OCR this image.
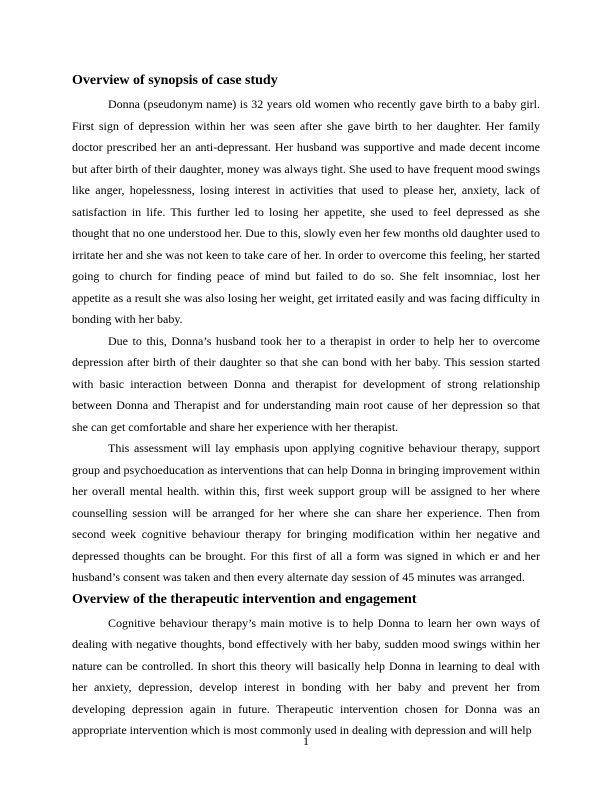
Overview of synopsis of case study

Donna (pseudonym name) is 32 years old women who recently gave birth to a baby girl. First sign of depression within her was seen after she gave birth to her daughter. Her family doctor prescribed her an anti-depressant. Her husband was supportive and made decent income but after birth of their daughter, money was always tight. She used to have frequent mood swings like anger, hopelessness, losing interest in activities that used to please her, anxiety, lack of satisfaction in life. This further led to losing her appetite, she used to feel depressed as she thought that no one understood her. Due to this, slowly even her few months old daughter used to irritate her and she was not keen to take care of her. In order to overcome this feeling, her started going to church for finding peace of mind but failed to do so. She felt insomniac, lost her appetite as a result she was also losing her weight, get irritated easily and was facing difficulty in bonding with her baby.

Due to this, Donna’s husband took her to a therapist in order to help her to overcome depression after birth of their daughter so that she can bond with her baby. This session started with basic interaction between Donna and therapist for development of strong relationship between Donna and Therapist and for understanding main root cause of her depression so that she can get comfortable and share her experience with her therapist.

This assessment will lay emphasis upon applying cognitive behaviour therapy, support group and psychoeducation as interventions that can help Donna in bringing improvement within her overall mental health. within this, first week support group will be assigned to her where counselling session will be arranged for her where she can share her experience. Then from second week cognitive behaviour therapy for bringing modification within her negative and depressed thoughts can be brought. For this first of all a form was signed in which er and her husband’s consent was taken and then every alternate day session of 45 minutes was arranged.

Overview of the therapeutic intervention and engagement

Cognitive behaviour therapy’s main motive is to help Donna to learn her own ways of dealing with negative thoughts, bond effectively with her baby, sudden mood swings within her nature can be controlled. In short this theory will basically help Donna in learning to deal with her anxiety, depression, develop interest in bonding with her baby and prevent her from developing depression again in future. Therapeutic intervention chosen for Donna was an appropriate intervention which is most commonly used in dealing with depression and will help

1
